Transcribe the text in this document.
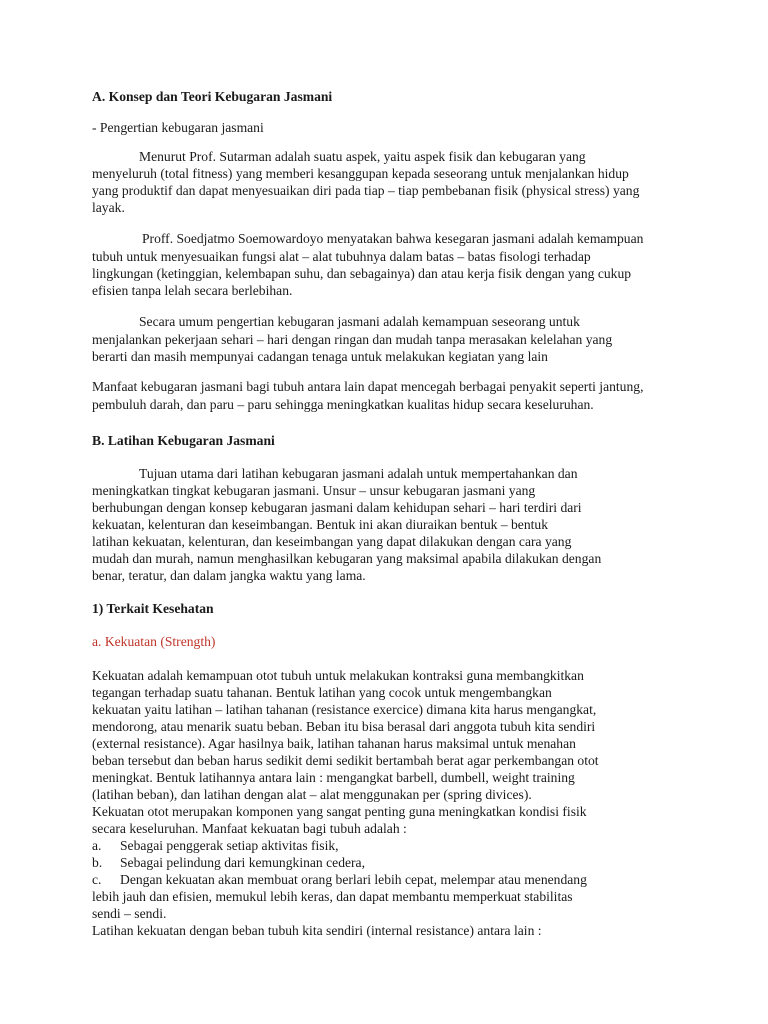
A. Konsep dan Teori Kebugaran Jasmani
- Pengertian kebugaran jasmani
Menurut Prof. Sutarman adalah suatu aspek, yaitu aspek fisik dan kebugaran yang
menyeluruh (total fitness) yang memberi kesanggupan kepada seseorang untuk menjalankan hidup
yang produktif dan dapat menyesuaikan diri pada tiap – tiap pembebanan fisik (physical stress) yang
layak.
Proff. Soedjatmo Soemowardoyo menyatakan bahwa kesegaran jasmani adalah kemampuan
tubuh untuk menyesuaikan fungsi alat – alat tubuhnya dalam batas – batas fisologi terhadap
lingkungan (ketinggian, kelembapan suhu, dan sebagainya) dan atau kerja fisik dengan yang cukup
efisien tanpa lelah secara berlebihan.
Secara umum pengertian kebugaran jasmani adalah kemampuan seseorang untuk
menjalankan pekerjaan sehari – hari dengan ringan dan mudah tanpa merasakan kelelahan yang
berarti dan masih mempunyai cadangan tenaga untuk melakukan kegiatan yang lain
Manfaat kebugaran jasmani bagi tubuh antara lain dapat mencegah berbagai penyakit seperti jantung,
pembuluh darah, dan paru – paru sehingga meningkatkan kualitas hidup secara keseluruhan.
B. Latihan Kebugaran Jasmani
Tujuan utama dari latihan kebugaran jasmani adalah untuk mempertahankan dan
meningkatkan tingkat kebugaran jasmani. Unsur – unsur kebugaran jasmani yang
berhubungan dengan konsep kebugaran jasmani dalam kehidupan sehari – hari terdiri dari
kekuatan, kelenturan dan keseimbangan. Bentuk ini akan diuraikan bentuk – bentuk
latihan kekuatan, kelenturan, dan keseimbangan yang dapat dilakukan dengan cara yang
mudah dan murah, namun menghasilkan kebugaran yang maksimal apabila dilakukan dengan
benar, teratur, dan dalam jangka waktu yang lama.
1) Terkait Kesehatan
a. Kekuatan (Strength)
Kekuatan adalah kemampuan otot tubuh untuk melakukan kontraksi guna membangkitkan
tegangan terhadap suatu tahanan. Bentuk latihan yang cocok untuk mengembangkan
kekuatan yaitu latihan – latihan tahanan (resistance exercice) dimana kita harus mengangkat,
mendorong, atau menarik suatu beban. Beban itu bisa berasal dari anggota tubuh kita sendiri
(external resistance). Agar hasilnya baik, latihan tahanan harus maksimal untuk menahan
beban tersebut dan beban harus sedikit demi sedikit bertambah berat agar perkembangan otot
meningkat. Bentuk latihannya antara lain : mengangkat barbell, dumbell, weight training
(latihan beban), dan latihan dengan alat – alat menggunakan per (spring divices).
Kekuatan otot merupakan komponen yang sangat penting guna meningkatkan kondisi fisik
secara keseluruhan. Manfaat kekuatan bagi tubuh adalah :
a. Sebagai penggerak setiap aktivitas fisik,
b. Sebagai pelindung dari kemungkinan cedera,
c. Dengan kekuatan akan membuat orang berlari lebih cepat, melempar atau menendang
lebih jauh dan efisien, memukul lebih keras, dan dapat membantu memperkuat stabilitas
sendi – sendi.
Latihan kekuatan dengan beban tubuh kita sendiri (internal resistance) antara lain :
